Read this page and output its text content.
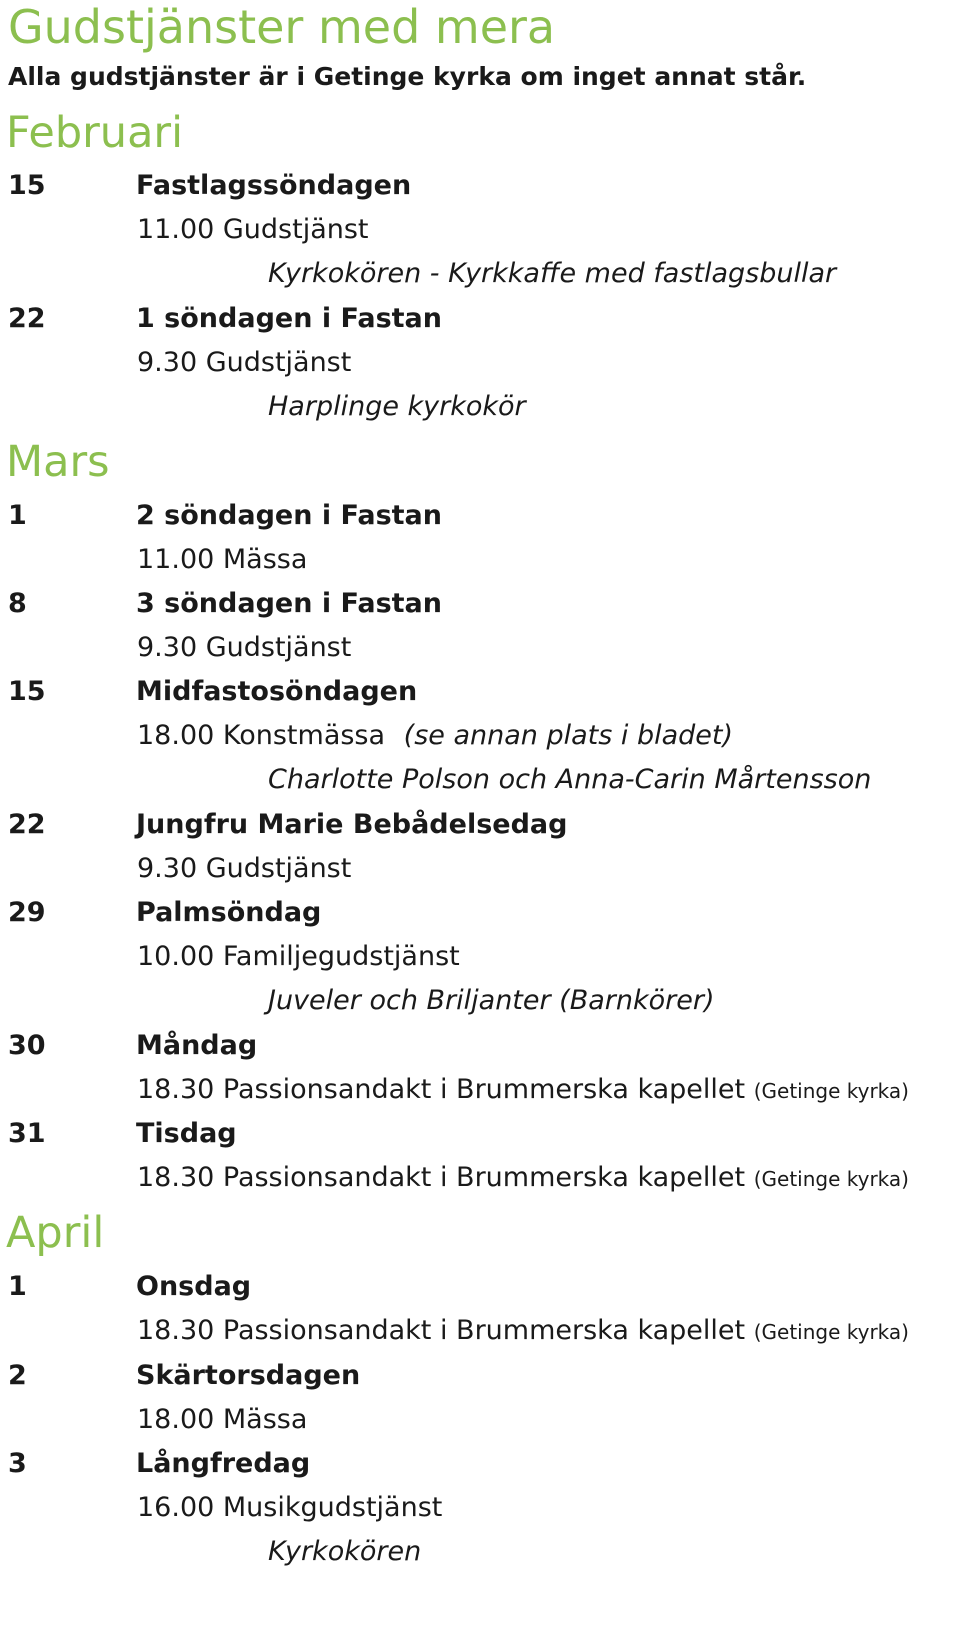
Gudstjänster med mera
Alla gudstjänster är i Getinge kyrka om inget annat står.
Februari
15	Fastlagssöndagen
11.00 Gudstjänst
Kyrkokören - Kyrkkaffe med fastlagsbullar
22	1 söndagen i Fastan
9.30 Gudstjänst
Harplinge kyrkokör
Mars
1	2 söndagen i Fastan
11.00 Mässa
8	3 söndagen i Fastan
9.30 Gudstjänst
15	Midfastosöndagen
18.00 Konstmässa (se annan plats i bladet)
Charlotte Polson och Anna-Carin Mårtensson
22	Jungfru Marie Bebådelsedag
9.30 Gudstjänst
29	Palmsöndag
10.00 Familjegudstjänst
Juveler och Briljanter (Barnkörer)
30	Måndag
18.30 Passionsandakt i Brummerska kapellet (Getinge kyrka)
31	Tisdag
18.30 Passionsandakt i Brummerska kapellet (Getinge kyrka)
April
1	Onsdag
18.30 Passionsandakt i Brummerska kapellet (Getinge kyrka)
2	Skärtorsdagen
18.00 Mässa
3	Långfredag
16.00 Musikgudstjänst
Kyrkokören
